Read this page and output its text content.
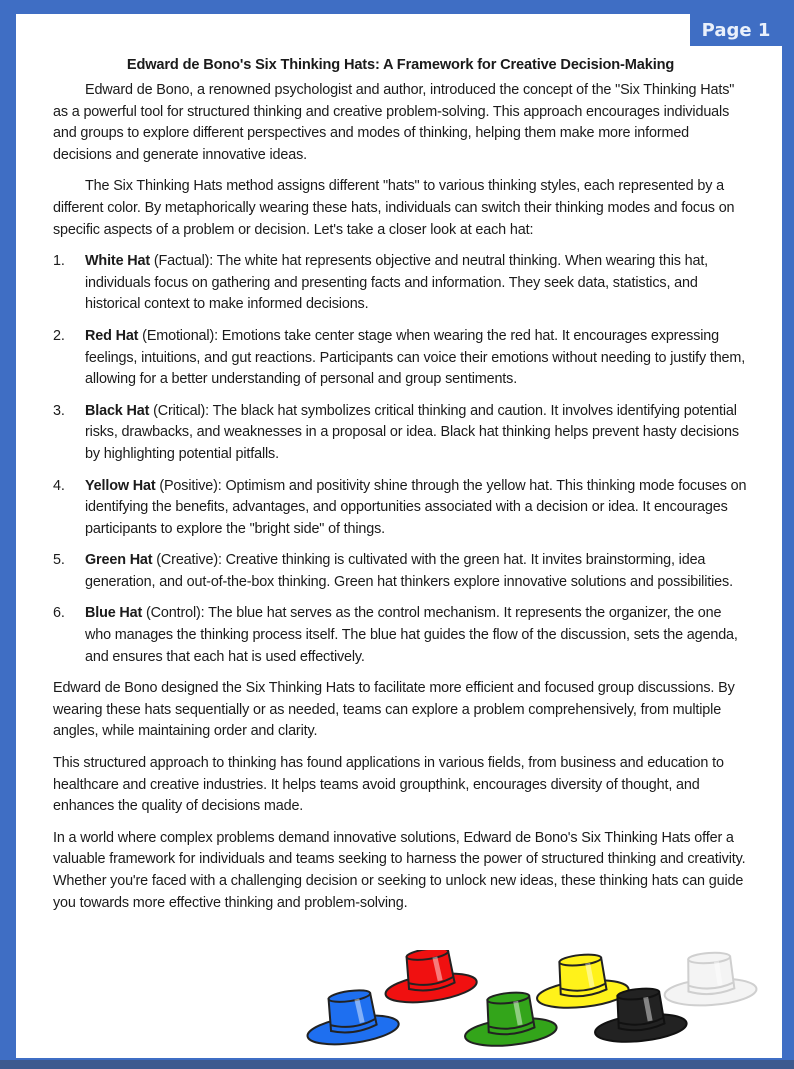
Page 1
Edward de Bono's Six Thinking Hats: A Framework for Creative Decision-Making

Edward de Bono, a renowned psychologist and author, introduced the concept of the "Six Thinking Hats" as a powerful tool for structured thinking and creative problem-solving. This approach encourages individuals and groups to explore different perspectives and modes of thinking, helping them make more informed decisions and generate innovative ideas.

The Six Thinking Hats method assigns different "hats" to various thinking styles, each represented by a different color. By metaphorically wearing these hats, individuals can switch their thinking modes and focus on specific aspects of a problem or decision. Let's take a closer look at each hat:

1. White Hat (Factual): The white hat represents objective and neutral thinking. When wearing this hat, individuals focus on gathering and presenting facts and information. They seek data, statistics, and historical context to make informed decisions.
2. Red Hat (Emotional): Emotions take center stage when wearing the red hat. It encourages expressing feelings, intuitions, and gut reactions. Participants can voice their emotions without needing to justify them, allowing for a better understanding of personal and group sentiments.
3. Black Hat (Critical): The black hat symbolizes critical thinking and caution. It involves identifying potential risks, drawbacks, and weaknesses in a proposal or idea. Black hat thinking helps prevent hasty decisions by highlighting potential pitfalls.
4. Yellow Hat (Positive): Optimism and positivity shine through the yellow hat. This thinking mode focuses on identifying the benefits, advantages, and opportunities associated with a decision or idea. It encourages participants to explore the "bright side" of things.
5. Green Hat (Creative): Creative thinking is cultivated with the green hat. It invites brainstorming, idea generation, and out-of-the-box thinking. Green hat thinkers explore innovative solutions and possibilities.
6. Blue Hat (Control): The blue hat serves as the control mechanism. It represents the organizer, the one who manages the thinking process itself. The blue hat guides the flow of the discussion, sets the agenda, and ensures that each hat is used effectively.

Edward de Bono designed the Six Thinking Hats to facilitate more efficient and focused group discussions. By wearing these hats sequentially or as needed, teams can explore a problem comprehensively, from multiple angles, while maintaining order and clarity.

This structured approach to thinking has found applications in various fields, from business and education to healthcare and creative industries. It helps teams avoid groupthink, encourages diversity of thought, and enhances the quality of decisions made.

In a world where complex problems demand innovative solutions, Edward de Bono's Six Thinking Hats offer a valuable framework for individuals and teams seeking to harness the power of structured thinking and creativity. Whether you're faced with a challenging decision or seeking to unlock new ideas, these thinking hats can guide you towards more effective thinking and problem-solving.
